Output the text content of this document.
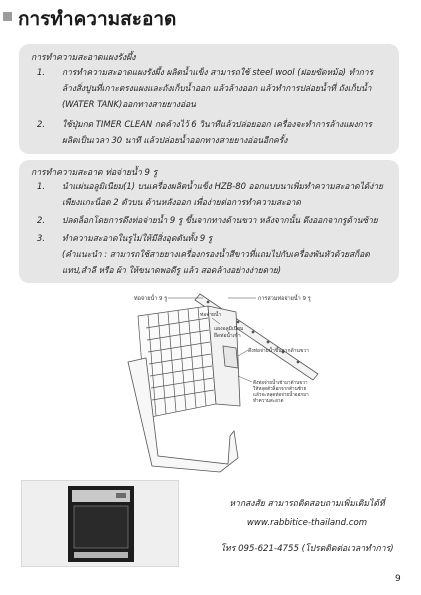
การทำความสะอาด
การทำความสะอาดแผงรังผึ้ง
1.	การทำความสะอาดแผงรังผึ้ง ผลิตน้ำแข็ง สามารถใช้ steel wool (ฝอยขัดหม้อ) ทำการ
ล้างสิ่งปูนที่เกาะตรงแผงและถังเก็บน้ำออก แล้วล้างออก แล้วทำการปล่อยน้ำที่ ถังเก็บน้ำ
(WATER TANK)ออกทางสายยางอ่อน
2.	ใช้ปุ่มกด TIMER CLEAN กดค้างไว้ 6 วินาทีแล้วปล่อยออก เครื่องจะทำการล้างแผงการ
ผลิตเป็นเวลา 30 นาที แล้วปล่อยน้ำออกทางสายยางอ่อนอีกครั้ง
การทำความสะอาด ท่อจ่ายน้ำ 9 รู
1.	นำแผ่นอลูมิเนียม(1) บนเครื่องผลิตน้ำแข็ง HZB-80 ออกแบบนาเพิ่มทำความสะอาดได้ง่าย
เพียงแกะน็อต 2 ตัวบน ด้านหลังออก เพื่อง่ายต่อการทำความสะอาด
2.	ปลดล็อกโดยการดึงท่อจ่ายน้ำ 9 รู ขึ้นจากทางด้านขวา หลังจากนั้น ดึงออกจากรูด้านซ้าย
3.	ทำความสะอาดในรูไม่ให้มีสิ่งอุดตันทั้ง 9 รู
(คำแนะนำ : สามารถใช้สายยางเครื่องกรองน้ำสีขาวที่แถมไปกับเครื่องพันหัวด้วยสก็อต
แทป,สำลี หรือ ผ้า ให้ขนาดพอดีรู แล้ว สอดล้างอย่างง่ายดาย)
ท่อจ่ายน้ำ 9 รู	การสวมท่อจ่ายน้ำ 9 รู
ท่อจ่ายน้ำ
แผงอลูมิเนียม
ยึดท่อน้ำเข้า
ดึงท่อจ่ายน้ำขึ้นจากด้านขวา
ดึงท่อจ่ายน้ำเข้ามาด้านขวา
ให้หลุดตัวล็อกจากด้านซ้าย
แล้วจะหลุดท่อจ่ายน้ำออกมา
ทำความสะอาด
หากสงสัย สามารถติดสอบถามเพิ่มเติมได้ที่
www.rabbitice-thailand.com
โทร 095-621-4755 (โปรดติดต่อเวลาทำการ)
9
